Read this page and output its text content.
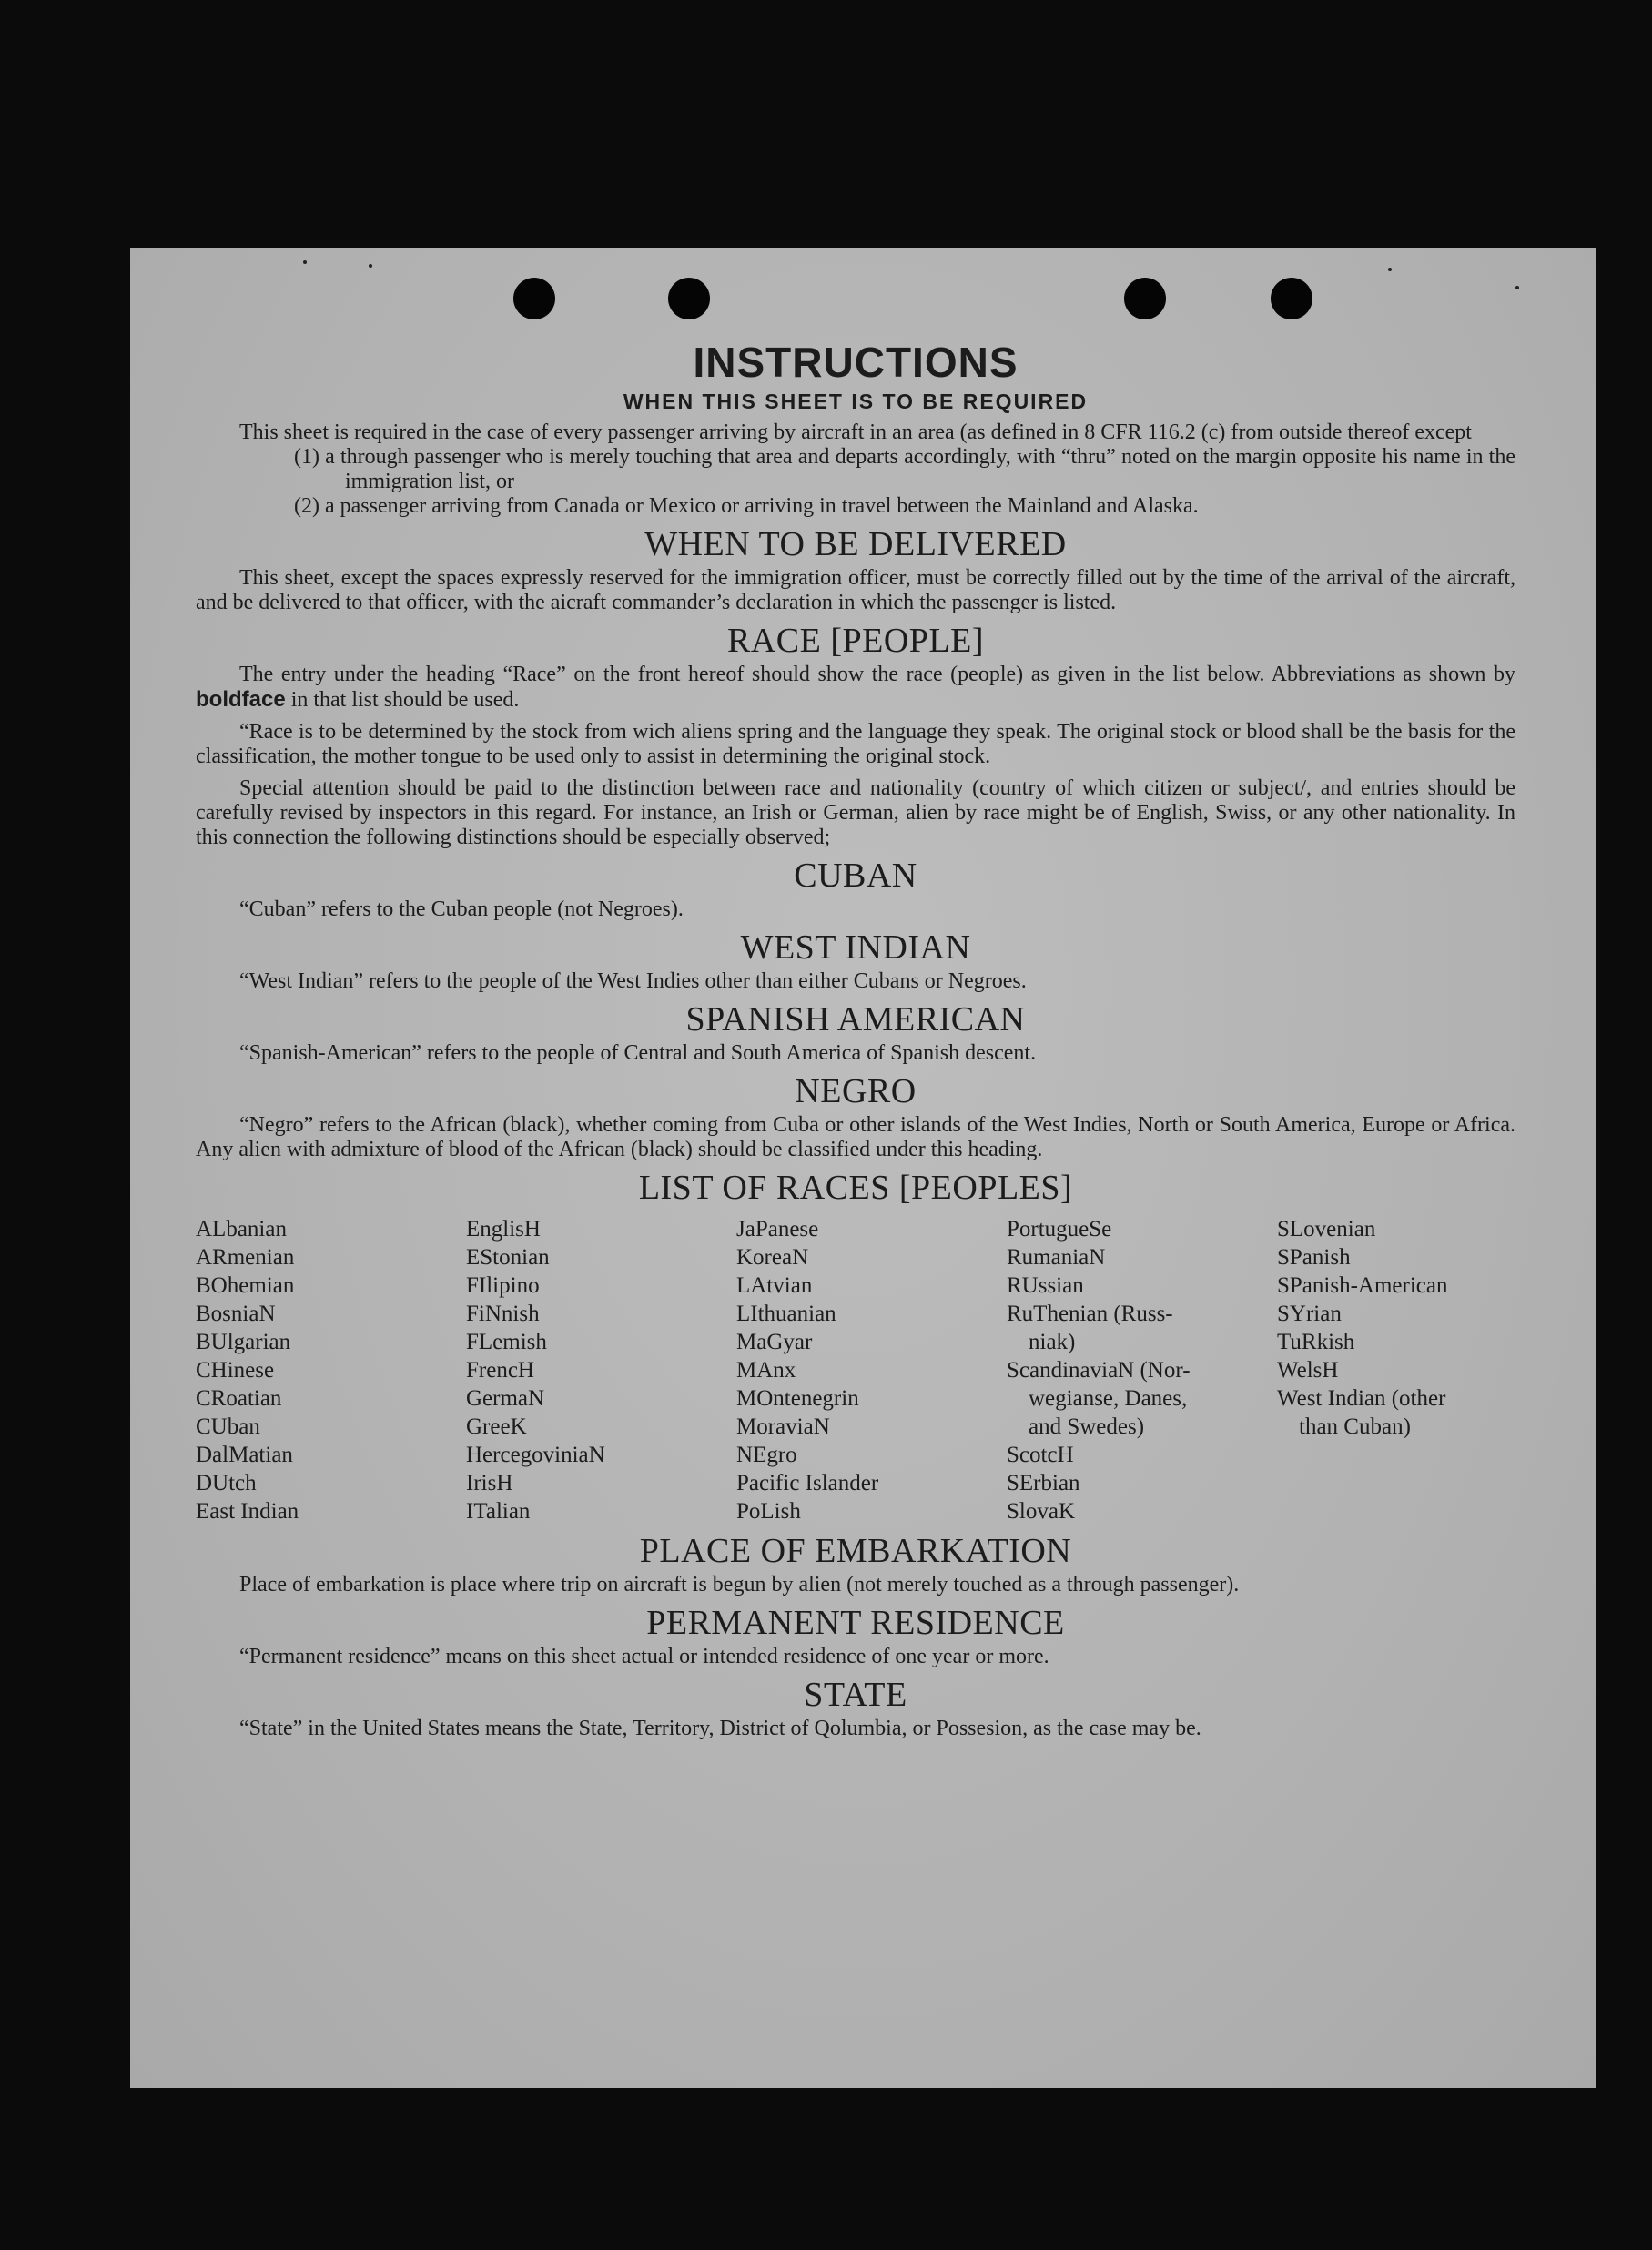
INSTRUCTIONS
WHEN THIS SHEET IS TO BE REQUIRED

This sheet is required in the case of every passenger arriving by aircraft in an area (as defined in 8 CFR 116.2 (c) from outside thereof except

(1) a through passenger who is merely touching that area and departs accordingly, with “thru” noted on the margin opposite his name in the immigration list, or
(2) a passenger arriving from Canada or Mexico or arriving in travel between the Mainland and Alaska.
WHEN TO BE DELIVERED

This sheet, except the spaces expressly reserved for the immigration officer, must be correctly filled out by the time of the arrival of the aircraft, and be delivered to that officer, with the aicraft commander’s declaration in which the passenger is listed.

RACE [PEOPLE]

The entry under the heading “Race” on the front hereof should show the race (people) as given in the list below. Abbreviations as shown by boldface in that list should be used.

“Race is to be determined by the stock from wich aliens spring and the language they speak. The original stock or blood shall be the basis for the classification, the mother tongue to be used only to assist in determining the original stock.

Special attention should be paid to the distinction between race and nationality (country of which citizen or subject/, and entries should be carefully revised by inspectors in this regard. For instance, an Irish or German, alien by race might be of English, Swiss, or any other nationality. In this connection the following distinctions should be especially observed;

CUBAN

“Cuban” refers to the Cuban people (not Negroes).

WEST INDIAN

“West Indian” refers to the people of the West Indies other than either Cubans or Negroes.

SPANISH AMERICAN

“Spanish-American” refers to the people of Central and South America of Spanish descent.

NEGRO

“Negro” refers to the African (black), whether coming from Cuba or other islands of the West Indies, North or South America, Europe or Africa. Any alien with admixture of blood of the African (black) should be classified under this heading.

LIST OF RACES [PEOPLES]
ALbanian
ARmenian
BOhemian
BosniaN
BUlgarian
CHinese
CRoatian
CUban
DalMatian
DUtch
East Indian
EnglisH
EStonian
FIlipino
FiNnish
FLemish
FrencH
GermaN
GreeK
HercegoviniaN
IrisH
ITalian
JaPanese
KoreaN
LAtvian
LIthuanian
MaGyar
MAnx
MOntenegrin
MoraviaN
NEgro
Pacific Islander
PoLish
PortugueSe
RumaniaN
RUssian
RuThenian (Russ-
niak)
ScandinaviaN (Nor-
wegianse, Danes,
and Swedes)
ScotcH
SErbian
SlovaK
SLovenian
SPanish
SPanish-American
SYrian
TuRkish
WelsH
West Indian (other
than Cuban)
PLACE OF EMBARKATION

Place of embarkation is place where trip on aircraft is begun by alien (not merely touched as a through passenger).

PERMANENT RESIDENCE

“Permanent residence” means on this sheet actual or intended residence of one year or more.

STATE

“State” in the United States means the State, Territory, District of Qolumbia, or Possesion, as the case may be.
